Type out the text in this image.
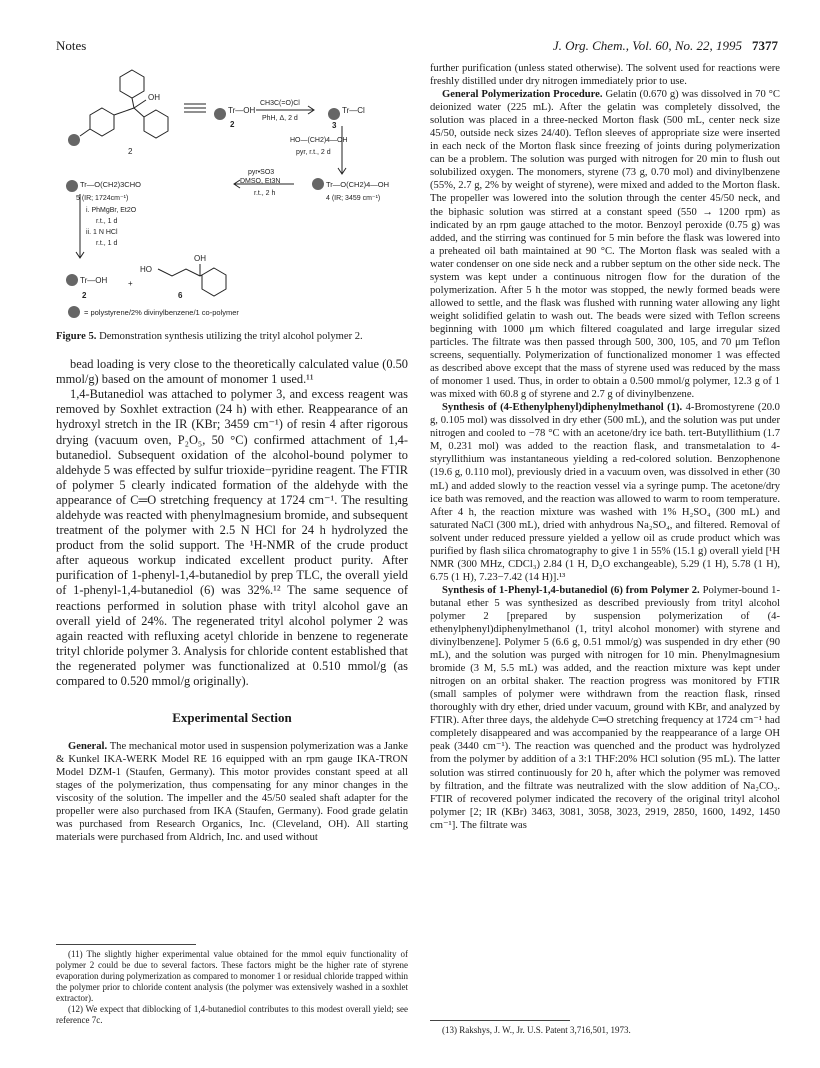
Notes	J. Org. Chem., Vol. 60, No. 22, 1995 7377
OH
2
Tr—OH
2
CH3C(=O)Cl
PhH, Δ, 2 d
Tr—Cl
3
HO—(CH2)4—OH
pyr, r.t., 2 d
Tr—O(CH2)4—OH
4 (IR; 3459 cm⁻¹)
pyr•SO3
DMSO, Et3N
r.t., 2 h
Tr—O(CH2)3CHO
5 (IR; 1724cm⁻¹)
i. PhMgBr, Et2O
r.t., 1 d
ii. 1 N HCl
r.t., 1 d
Tr—OH
2
+
HO
OH
6
= polystyrene/2% divinylbenzene/1 co-polymer
Figure 5. Demonstration synthesis utilizing the trityl alcohol polymer 2.

bead loading is very close to the theoretically calculated value (0.50 mmol/g) based on the amount of monomer 1 used.¹¹

1,4-Butanediol was attached to polymer 3, and excess reagent was removed by Soxhlet extraction (24 h) with ether. Reappearance of an hydroxyl stretch in the IR (KBr; 3459 cm⁻¹) of resin 4 after rigorous drying (vacuum oven, P₂O₅, 50 °C) confirmed attachment of 1,4-butanediol. Subsequent oxidation of the alcohol-bound polymer to aldehyde 5 was effected by sulfur trioxide−pyridine reagent. The FTIR of polymer 5 clearly indicated formation of the aldehyde with the appearance of C═O stretching frequency at 1724 cm⁻¹. The resulting aldehyde was reacted with phenylmagnesium bromide, and subsequent treatment of the polymer with 2.5 N HCl for 24 h hydrolyzed the product from the solid support. The ¹H-NMR of the crude product after aqueous workup indicated excellent product purity. After purification of 1-phenyl-1,4-butanediol by prep TLC, the overall yield of 1-phenyl-1,4-butanediol (6) was 32%.¹² The same sequence of reactions performed in solution phase with trityl alcohol gave an overall yield of 24%. The regenerated trityl alcohol polymer 2 was again reacted with refluxing acetyl chloride in benzene to regenerate trityl chloride polymer 3. Analysis for chloride content established that the regenerated polymer was functionalized at 0.510 mmol/g (as compared to 0.520 mmol/g originally).

Experimental Section

General. The mechanical motor used in suspension polymerization was a Janke & Kunkel IKA-WERK Model RE 16 equipped with an rpm gauge IKA-TRON Model DZM-1 (Staufen, Germany). This motor provides constant speed at all stages of the polymerization, thus compensating for any minor changes in the viscosity of the solution. The impeller and the 45/50 sealed shaft adapter for the propeller were also purchased from IKA (Staufen, Germany). Food grade gelatin was purchased from Research Organics, Inc. (Cleveland, OH). All starting materials were purchased from Aldrich, Inc. and used without

further purification (unless stated otherwise). The solvent used for reactions were freshly distilled under dry nitrogen immediately prior to use.

General Polymerization Procedure. Gelatin (0.670 g) was dissolved in 70 °C deionized water (225 mL). After the gelatin was completely dissolved, the solution was placed in a three-necked Morton flask (500 mL, center neck size 45/50, outside neck sizes 24/40). Teflon sleeves of appropriate size were inserted in each neck of the Morton flask since freezing of joints during polymerization can be a problem. The solution was purged with nitrogen for 20 min to flush out solubilized oxygen. The monomers, styrene (73 g, 0.70 mol) and divinylbenzene (55%, 2.7 g, 2% by weight of styrene), were mixed and added to the Morton flask. The propeller was lowered into the solution through the center 45/50 neck, and the biphasic solution was stirred at a constant speed (550 → 1200 rpm) as indicated by an rpm gauge attached to the motor. Benzoyl peroxide (0.75 g) was added, and the stirring was continued for 5 min before the flask was lowered into a preheated oil bath maintained at 90 °C. The Morton flask was sealed with a water condenser on one side neck and a rubber septum on the other side neck. The system was kept under a continuous nitrogen flow for the duration of the polymerization. After 5 h the motor was stopped, the newly formed beads were allowed to settle, and the flask was flushed with running water allowing any light weight solidified gelatin to wash out. The beads were sized with Teflon screens beginning with 1000 μm which filtered coagulated and large irregular sized particles. The filtrate was then passed through 500, 300, 105, and 70 μm Teflon screens, sequentially. Polymerization of functionalized monomer 1 was effected as described above except that the mass of styrene used was reduced by the mass of monomer 1 used. Thus, in order to obtain a 0.500 mmol/g polymer, 12.3 g of 1 was mixed with 60.8 g of styrene and 2.7 g of divinylbenzene.

Synthesis of (4-Ethenylphenyl)diphenylmethanol (1). 4-Bromostyrene (20.0 g, 0.105 mol) was dissolved in dry ether (500 mL), and the solution was put under nitrogen and cooled to −78 °C with an acetone/dry ice bath. tert-Butyllithium (1.7 M, 0.231 mol) was added to the reaction flask, and transmetalation to 4-styryllithium was instantaneous yielding a red-colored solution. Benzophenone (19.6 g, 0.110 mol), previously dried in a vacuum oven, was dissolved in ether (30 mL) and added slowly to the reaction vessel via a syringe pump. The acetone/dry ice bath was removed, and the reaction was allowed to warm to room temperature. After 4 h, the reaction mixture was washed with 1% H₂SO₄ (300 mL) and saturated NaCl (300 mL), dried with anhydrous Na₂SO₄, and filtered. Removal of solvent under reduced pressure yielded a yellow oil as crude product which was purified by flash silica chromatography to give 1 in 55% (15.1 g) overall yield [¹H NMR (300 MHz, CDCl₃) 2.84 (1 H, D₂O exchangeable), 5.29 (1 H), 5.78 (1 H), 6.75 (1 H), 7.23−7.42 (14 H)].¹³

Synthesis of 1-Phenyl-1,4-butanediol (6) from Polymer 2. Polymer-bound 1-butanal ether 5 was synthesized as described previously from trityl alcohol polymer 2 [prepared by suspension polymerization of (4-ethenylphenyl)diphenylmethanol (1, trityl alcohol monomer) with styrene and divinylbenzene]. Polymer 5 (6.6 g, 0.51 mmol/g) was suspended in dry ether (90 mL), and the solution was purged with nitrogen for 10 min. Phenylmagnesium bromide (3 M, 5.5 mL) was added, and the reaction mixture was kept under nitrogen on an orbital shaker. The reaction progress was monitored by FTIR (small samples of polymer were withdrawn from the reaction flask, rinsed thoroughly with dry ether, dried under vacuum, ground with KBr, and analyzed by FTIR). After three days, the aldehyde C═O stretching frequency at 1724 cm⁻¹ had completely disappeared and was accompanied by the reappearance of a large OH peak (3440 cm⁻¹). The reaction was quenched and the product was hydrolyzed from the polymer by addition of a 3:1 THF:20% HCl solution (95 mL). The latter solution was stirred continuously for 20 h, after which the polymer was removed by filtration, and the filtrate was neutralized with the slow addition of Na₂CO₃. FTIR of recovered polymer indicated the recovery of the original trityl alcohol polymer [2; IR (KBr) 3463, 3081, 3058, 3023, 2919, 2850, 1600, 1492, 1450 cm⁻¹]. The filtrate was

(11) The slightly higher experimental value obtained for the mmol equiv functionality of polymer 2 could be due to several factors. These factors might be the higher rate of styrene evaporation during polymerization as compared to monomer 1 or residual chloride trapped within the polymer prior to chloride content analysis (the polymer was extensively washed in a soxhlet extractor).

(12) We expect that diblocking of 1,4-butanediol contributes to this modest overall yield; see reference 7c.

(13) Rakshys, J. W., Jr. U.S. Patent 3,716,501, 1973.
